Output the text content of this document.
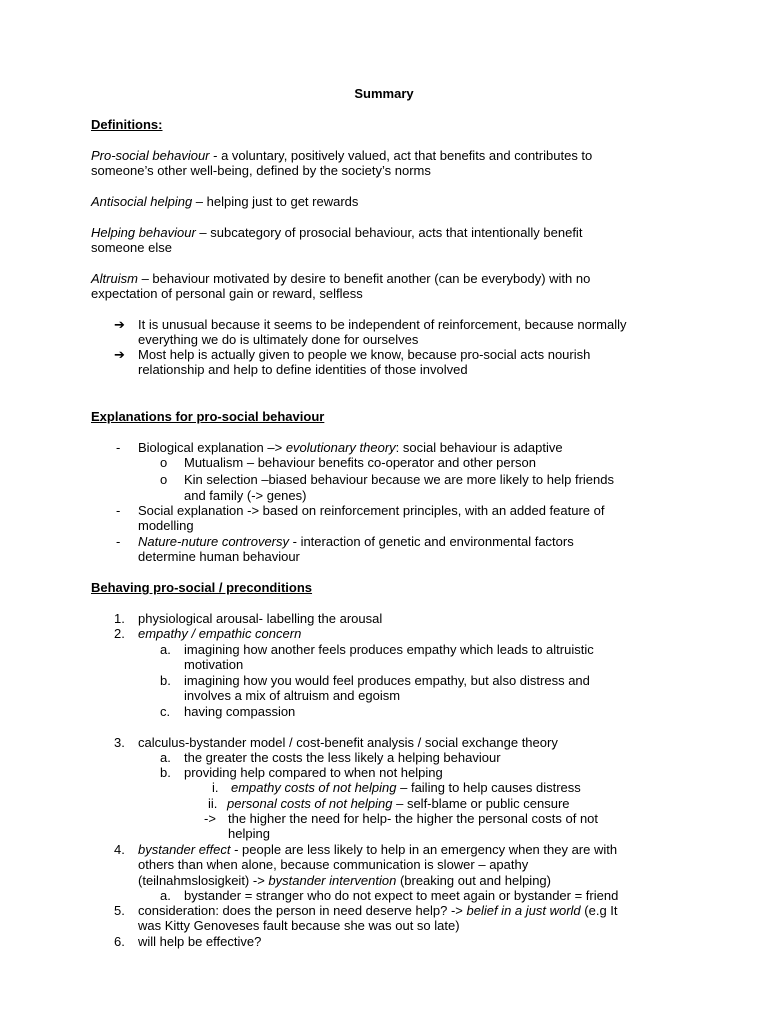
Summary
Definitions:
Pro-social behaviour - a voluntary, positively valued, act that benefits and contributes to
someone’s other well-being, defined by the society’s norms
Antisocial helping – helping just to get rewards
Helping behaviour – subcategory of prosocial behaviour, acts that intentionally benefit
someone else
Altruism – behaviour motivated by desire to benefit another (can be everybody) with no
expectation of personal gain or reward, selfless
➔ It is unusual because it seems to be independent of reinforcement, because normally
everything we do is ultimately done for ourselves
➔ Most help is actually given to people we know, because pro-social acts nourish
relationship and help to define identities of those involved
Explanations for pro-social behaviour
- Biological explanation –> evolutionary theory: social behaviour is adaptive
o Mutualism – behaviour benefits co-operator and other person
o Kin selection –biased behaviour because we are more likely to help friends
and family (-> genes)
- Social explanation -> based on reinforcement principles, with an added feature of
modelling
- Nature-nuture controversy - interaction of genetic and environmental factors
determine human behaviour
Behaving pro-social / preconditions
1. physiological arousal- labelling the arousal
2. empathy / empathic concern
a. imagining how another feels produces empathy which leads to altruistic
motivation
b. imagining how you would feel produces empathy, but also distress and
involves a mix of altruism and egoism
c. having compassion
3. calculus-bystander model / cost-benefit analysis / social exchange theory
a. the greater the costs the less likely a helping behaviour
b. providing help compared to when not helping
i. empathy costs of not helping – failing to help causes distress
ii. personal costs of not helping – self-blame or public censure
-> the higher the need for help- the higher the personal costs of not
helping
4. bystander effect - people are less likely to help in an emergency when they are with
others than when alone, because communication is slower – apathy
(teilnahmslosigkeit) -> bystander intervention (breaking out and helping)
a. bystander = stranger who do not expect to meet again or bystander = friend
5. consideration: does the person in need deserve help? -> belief in a just world (e.g It
was Kitty Genoveses fault because she was out so late)
6. will help be effective?
